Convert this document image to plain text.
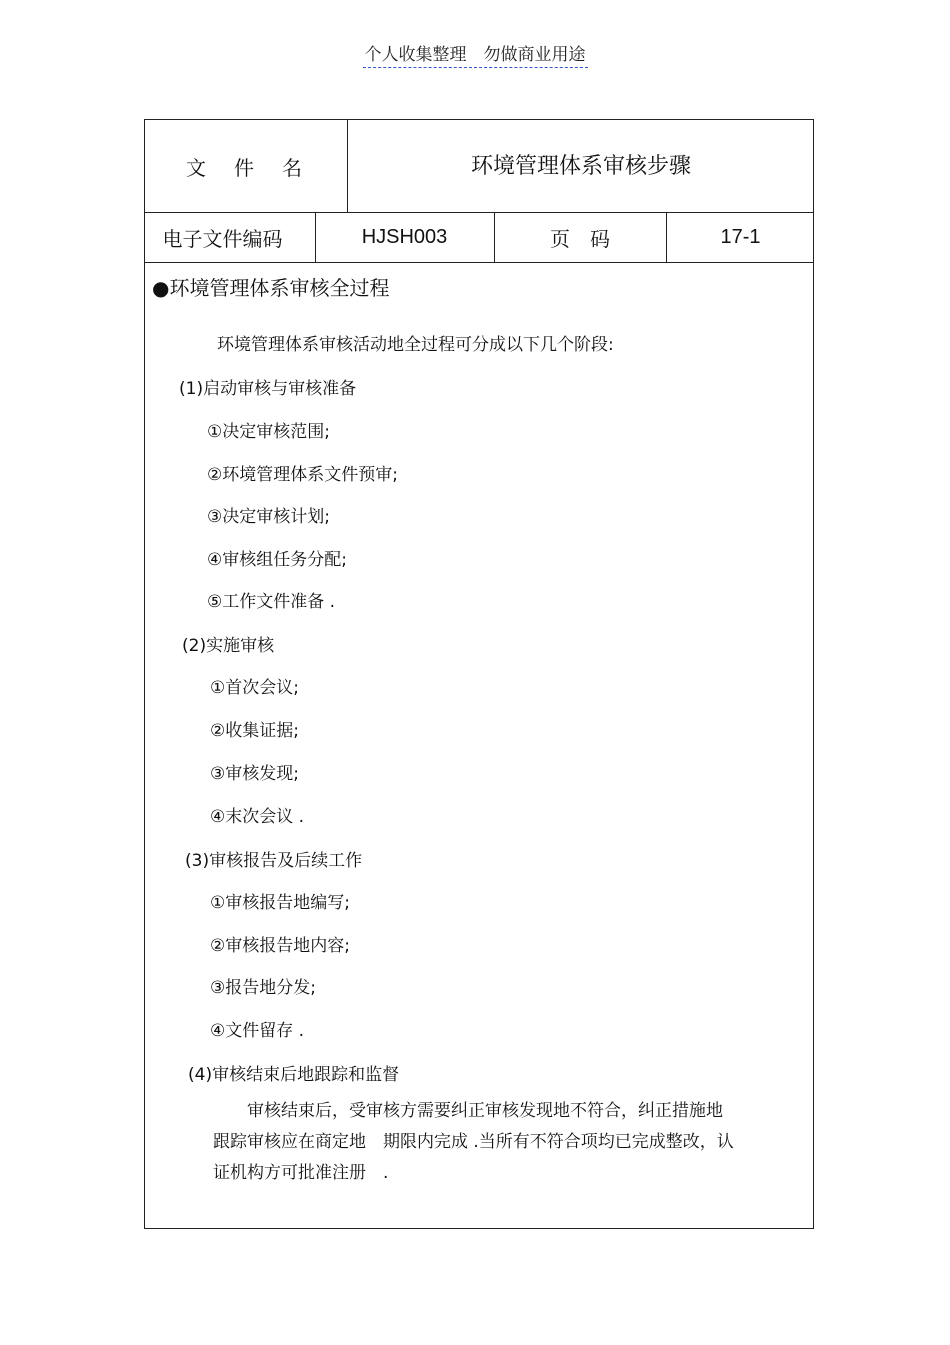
个人收集整理　勿做商业用途
文　件　名	环境管理体系审核步骤
电子文件编码	HJSH003	页　码	17-1
●环境管理体系审核全过程
环境管理体系审核活动地全过程可分成以下几个阶段:
(1)启动审核与审核准备
①决定审核范围;
②环境管理体系文件预审;
③决定审核计划;
④审核组任务分配;
⑤工作文件准备 .
(2)实施审核
①首次会议;
②收集证据;
③审核发现;
④末次会议 .
(3)审核报告及后续工作
①审核报告地编写;
②审核报告地内容;
③报告地分发;
④文件留存 .
(4)审核结束后地跟踪和监督
　　审核结束后，受审核方需要纠正审核发现地不符合，纠正措施地
跟踪审核应在商定地　期限内完成 .当所有不符合项均已完成整改，认
证机构方可批准注册　.
